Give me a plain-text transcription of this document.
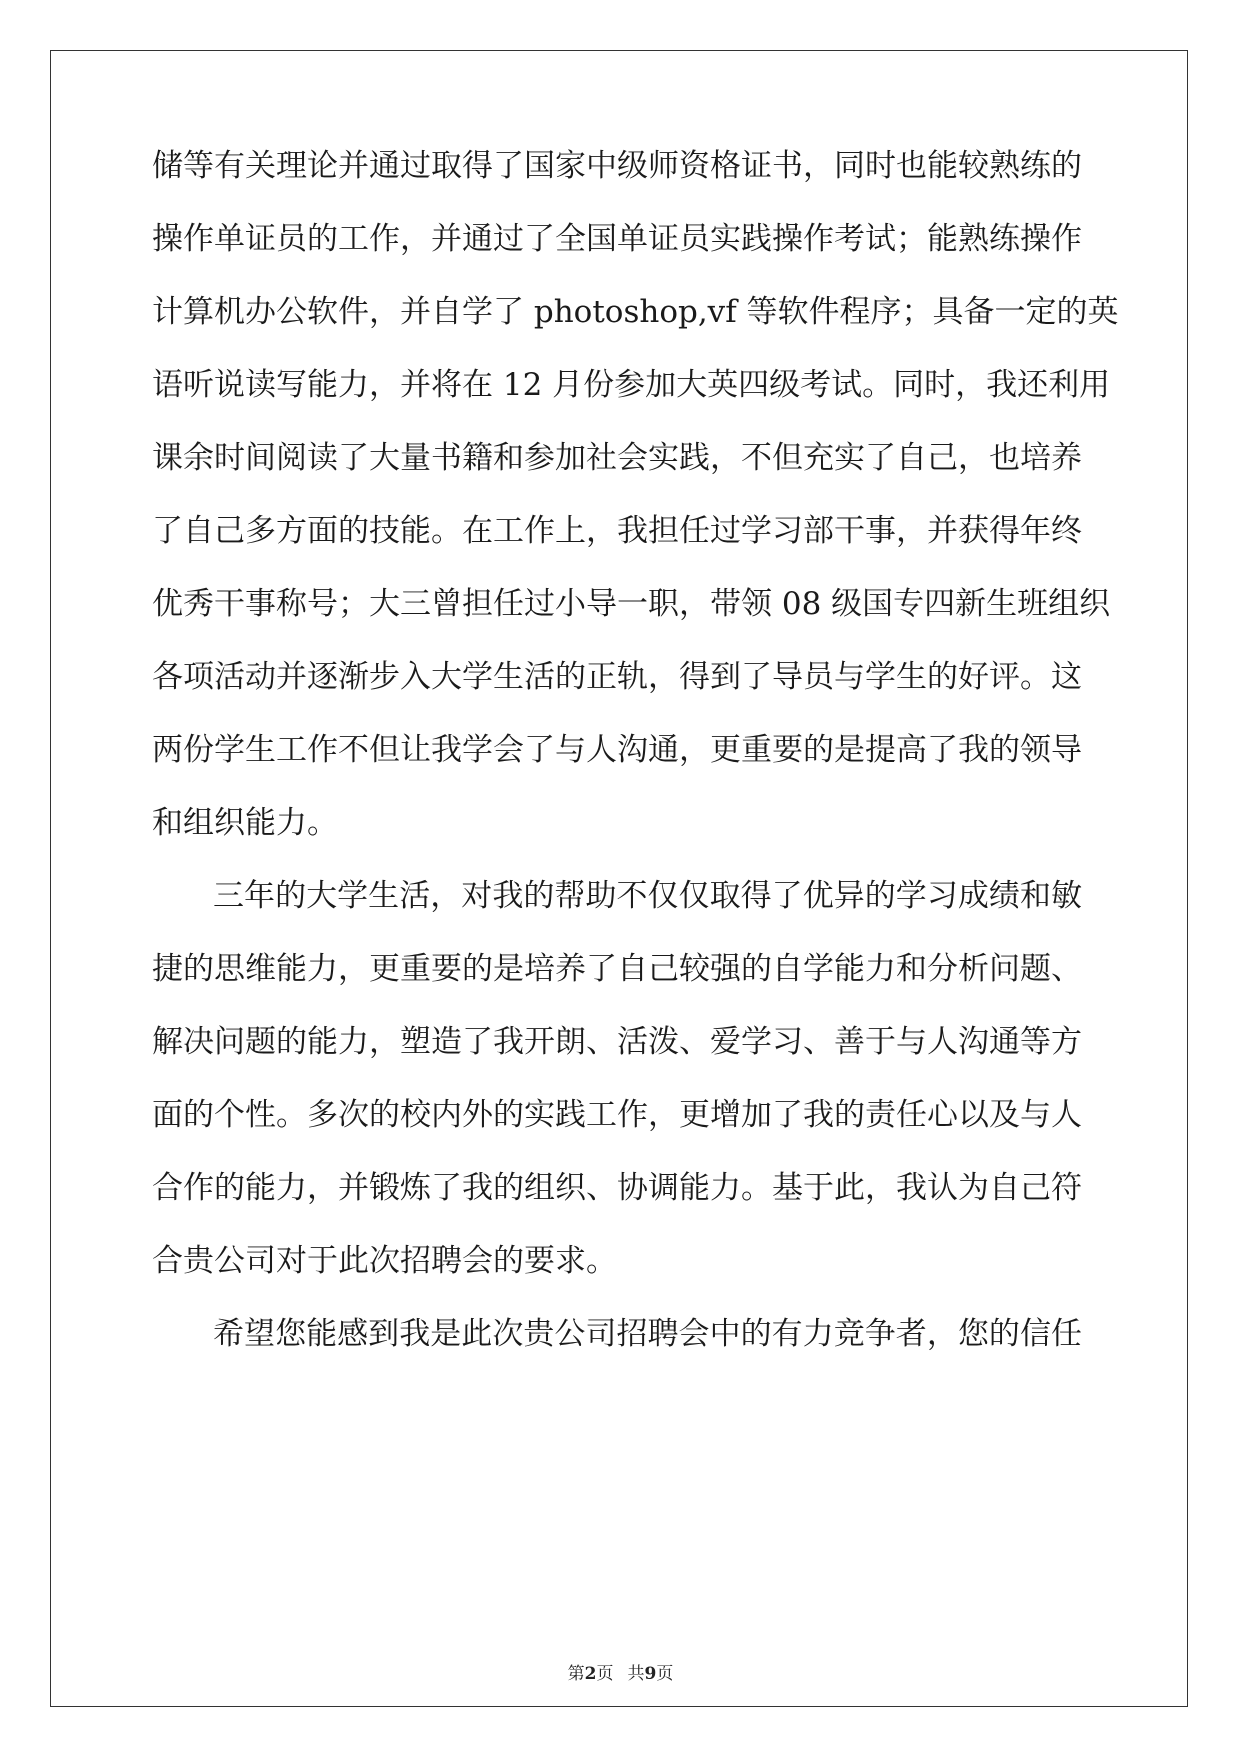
储等有关理论并通过取得了国家中级师资格证书，同时也能较熟练的
操作单证员的工作，并通过了全国单证员实践操作考试；能熟练操作
计算机办公软件，并自学了 photoshop,vf 等软件程序；具备一定的英
语听说读写能力，并将在 12 月份参加大英四级考试。同时，我还利用
课余时间阅读了大量书籍和参加社会实践，不但充实了自己，也培养
了自己多方面的技能。在工作上，我担任过学习部干事，并获得年终
优秀干事称号；大三曾担任过小导一职，带领 08 级国专四新生班组织
各项活动并逐渐步入大学生活的正轨，得到了导员与学生的好评。这
两份学生工作不但让我学会了与人沟通，更重要的是提高了我的领导
和组织能力。
三年的大学生活，对我的帮助不仅仅取得了优异的学习成绩和敏
捷的思维能力，更重要的是培养了自己较强的自学能力和分析问题、
解决问题的能力，塑造了我开朗、活泼、爱学习、善于与人沟通等方
面的个性。多次的校内外的实践工作，更增加了我的责任心以及与人
合作的能力，并锻炼了我的组织、协调能力。基于此，我认为自己符
合贵公司对于此次招聘会的要求。
希望您能感到我是此次贵公司招聘会中的有力竞争者，您的信任
第2页 共9页
